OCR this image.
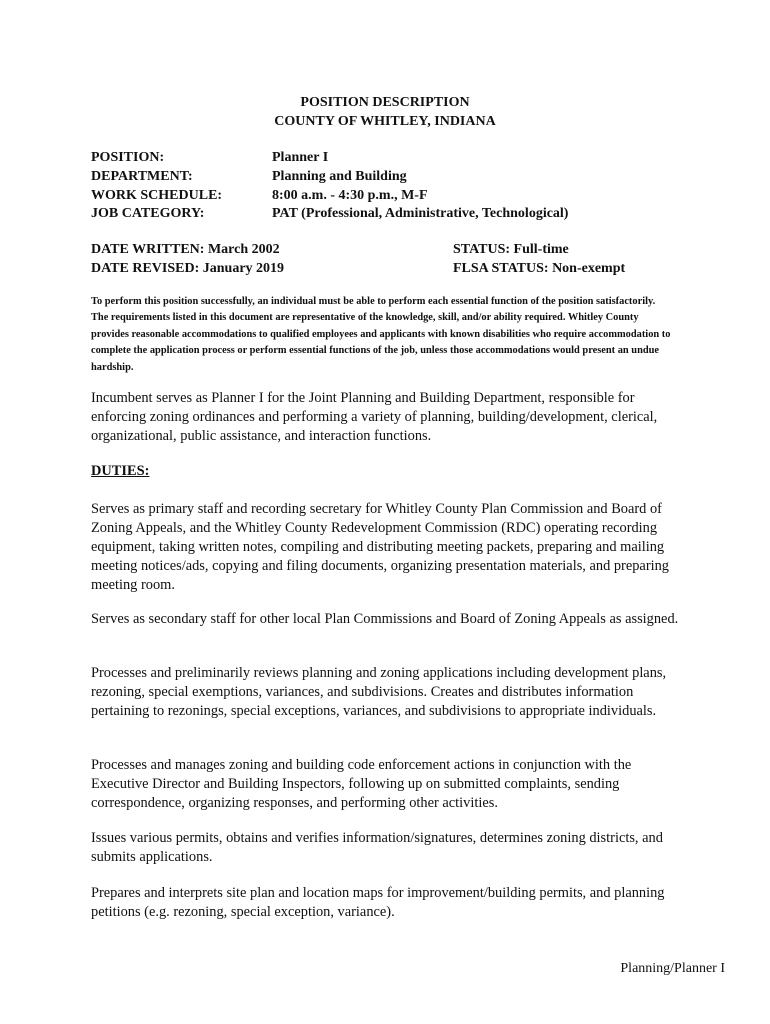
POSITION DESCRIPTION
COUNTY OF WHITLEY, INDIANA
POSITION:	Planner I
DEPARTMENT:	Planning and Building
WORK SCHEDULE:	8:00 a.m. - 4:30 p.m., M-F
JOB CATEGORY:	PAT (Professional, Administrative, Technological)
DATE WRITTEN: March 2002	STATUS: Full-time
DATE REVISED: January 2019	FLSA STATUS: Non-exempt

To perform this position successfully, an individual must be able to perform each essential function of the position satisfactorily. The requirements listed in this document are representative of the knowledge, skill, and/or ability required. Whitley County provides reasonable accommodations to qualified employees and applicants with known disabilities who require accommodation to complete the application process or perform essential functions of the job, unless those accommodations would present an undue hardship.

Incumbent serves as Planner I for the Joint Planning and Building Department, responsible for enforcing zoning ordinances and performing a variety of planning, building/development, clerical, organizational, public assistance, and interaction functions.

DUTIES:

Serves as primary staff and recording secretary for Whitley County Plan Commission and Board of Zoning Appeals, and the Whitley County Redevelopment Commission (RDC) operating recording equipment, taking written notes, compiling and distributing meeting packets, preparing and mailing meeting notices/ads, copying and filing documents, organizing presentation materials, and preparing meeting room.

Serves as secondary staff for other local Plan Commissions and Board of Zoning Appeals as assigned.

Processes and preliminarily reviews planning and zoning applications including development plans, rezoning, special exemptions, variances, and subdivisions. Creates and distributes information pertaining to rezonings, special exceptions, variances, and subdivisions to appropriate individuals.

Processes and manages zoning and building code enforcement actions in conjunction with the Executive Director and Building Inspectors, following up on submitted complaints, sending correspondence, organizing responses, and performing other activities.

Issues various permits, obtains and verifies information/signatures, determines zoning districts, and submits applications.

Prepares and interprets site plan and location maps for improvement/building permits, and planning petitions (e.g. rezoning, special exception, variance).

Planning/Planner I
